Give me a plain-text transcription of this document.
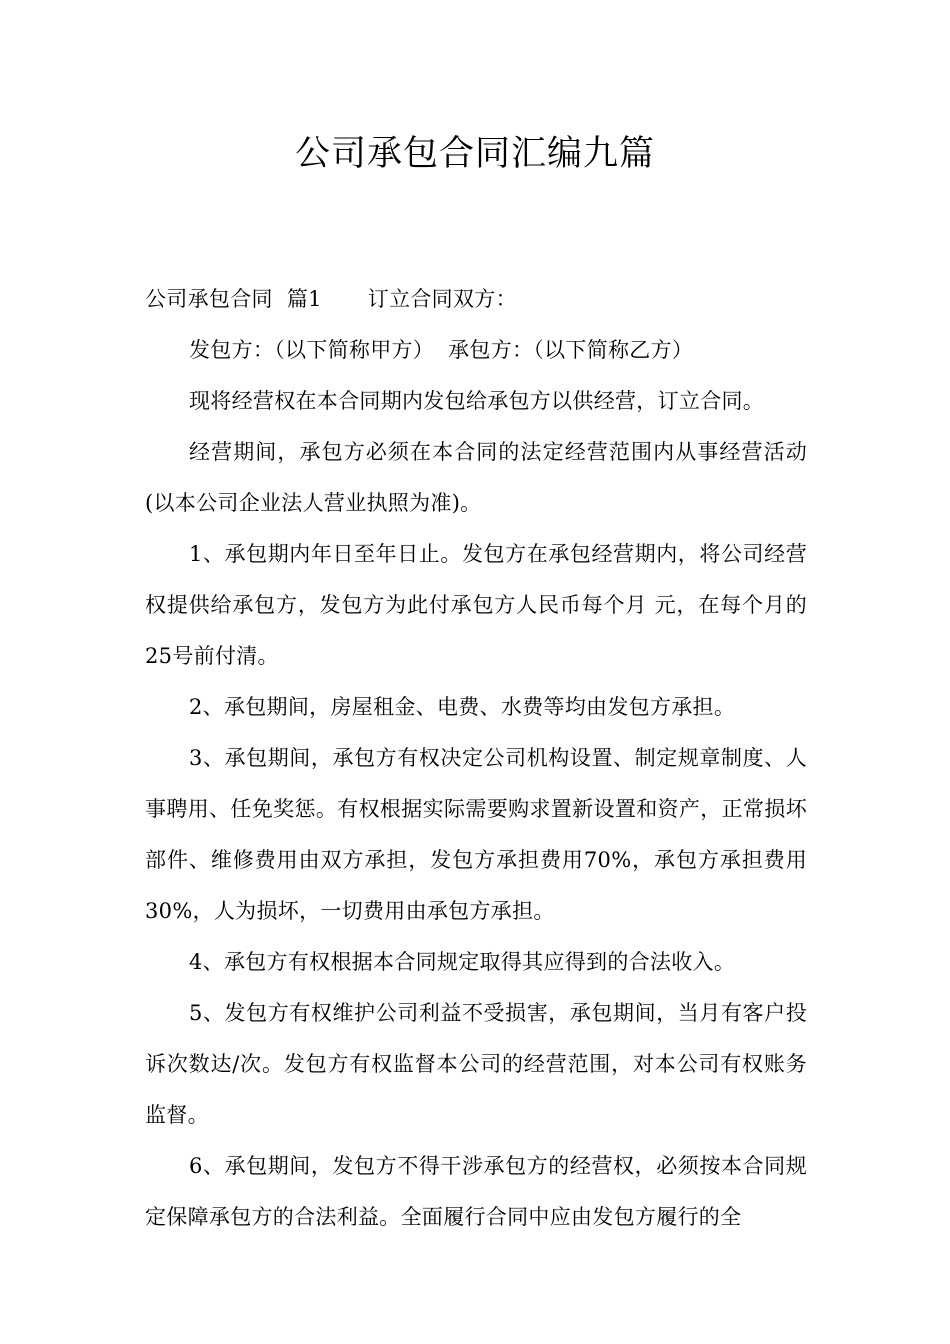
公司承包合同汇编九篇

公司承包合同 篇1 订立合同双方：

发包方：（以下简称甲方） 承包方：（以下简称乙方）

现将经营权在本合同期内发包给承包方以供经营，订立合同。

经营期间，承包方必须在本合同的法定经营范围内从事经营活动(以本公司企业法人营业执照为准)。

1、承包期内年日至年日止。发包方在承包经营期内，将公司经营权提供给承包方，发包方为此付承包方人民币每个月 元，在每个月的25号前付清。

2、承包期间，房屋租金、电费、水费等均由发包方承担。

3、承包期间，承包方有权决定公司机构设置、制定规章制度、人事聘用、任免奖惩。有权根据实际需要购求置新设置和资产，正常损坏部件、维修费用由双方承担，发包方承担费用70%，承包方承担费用30%，人为损坏，一切费用由承包方承担。

4、承包方有权根据本合同规定取得其应得到的合法收入。

5、发包方有权维护公司利益不受损害，承包期间，当月有客户投诉次数达/次。发包方有权监督本公司的经营范围，对本公司有权账务监督。

6、承包期间，发包方不得干涉承包方的经营权，必须按本合同规定保障承包方的合法利益。全面履行合同中应由发包方履行的全
